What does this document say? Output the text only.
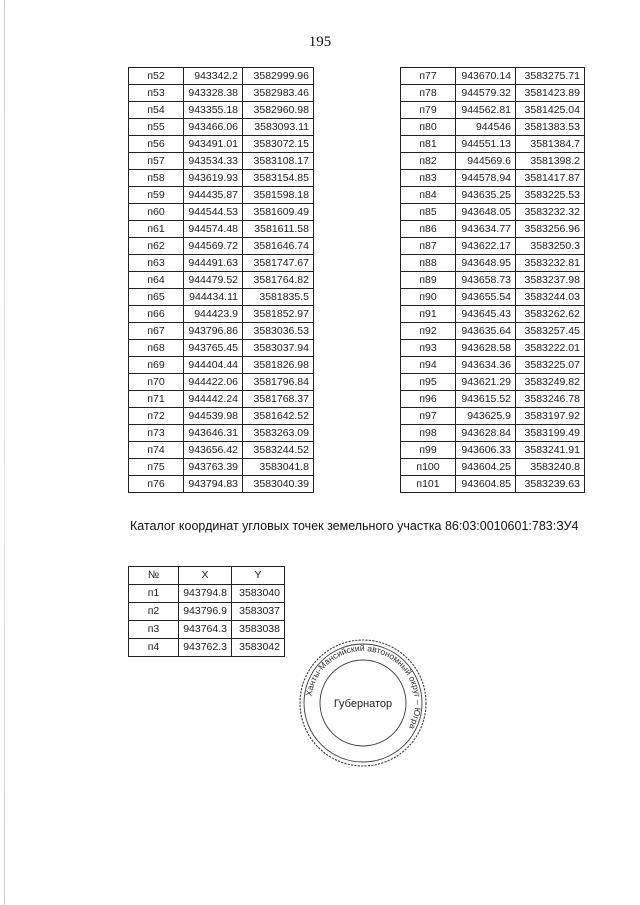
195
п52	943342.2	3582999.96
п53	943328.38	3582983.46
п54	943355.18	3582960.98
п55	943466.06	3583093.11
п56	943491.01	3583072.15
п57	943534.33	3583108.17
п58	943619.93	3583154.85
п59	944435.87	3581598.18
п60	944544.53	3581609.49
п61	944574.48	3581611.58
п62	944569.72	3581646.74
п63	944491.63	3581747.67
п64	944479.52	3581764.82
п65	944434.11	3581835.5
п66	944423.9	3581852.97
п67	943796.86	3583036.53
п68	943765.45	3583037.94
п69	944404.44	3581826.98
п70	944422.06	3581796.84
п71	944442.24	3581768.37
п72	944539.98	3581642.52
п73	943646.31	3583263.09
п74	943656.42	3583244.52
п75	943763.39	3583041.8
п76	943794.83	3583040.39
п77	943670.14	3583275.71
п78	944579.32	3581423.89
п79	944562.81	3581425.04
п80	944546	3581383.53
п81	944551.13	3581384.7
п82	944569.6	3581398.2
п83	944578.94	3581417.87
п84	943635.25	3583225.53
п85	943648.05	3583232.32
п86	943634.77	3583256.96
п87	943622.17	3583250.3
п88	943648.95	3583232.81
п89	943658.73	3583237.98
п90	943655.54	3583244.03
п91	943645.43	3583262.62
п92	943635.64	3583257.45
п93	943628.58	3583222.01
п94	943634.36	3583225.07
п95	943621.29	3583249.82
п96	943615.52	3583246.78
п97	943625.9	3583197.92
п98	943628.84	3583199.49
п99	943606.33	3583241.91
п100	943604.25	3583240.8
п101	943604.85	3583239.63
Каталог координат угловых точек земельного участка 86:03:0010601:783:ЗУ4
№	X	Y
п1	943794.8	3583040
п2	943796.9	3583037
п3	943764.3	3583038
п4	943762.3	3583042
Ханты-Мансийский автономный округ – Югра
Губернатор
